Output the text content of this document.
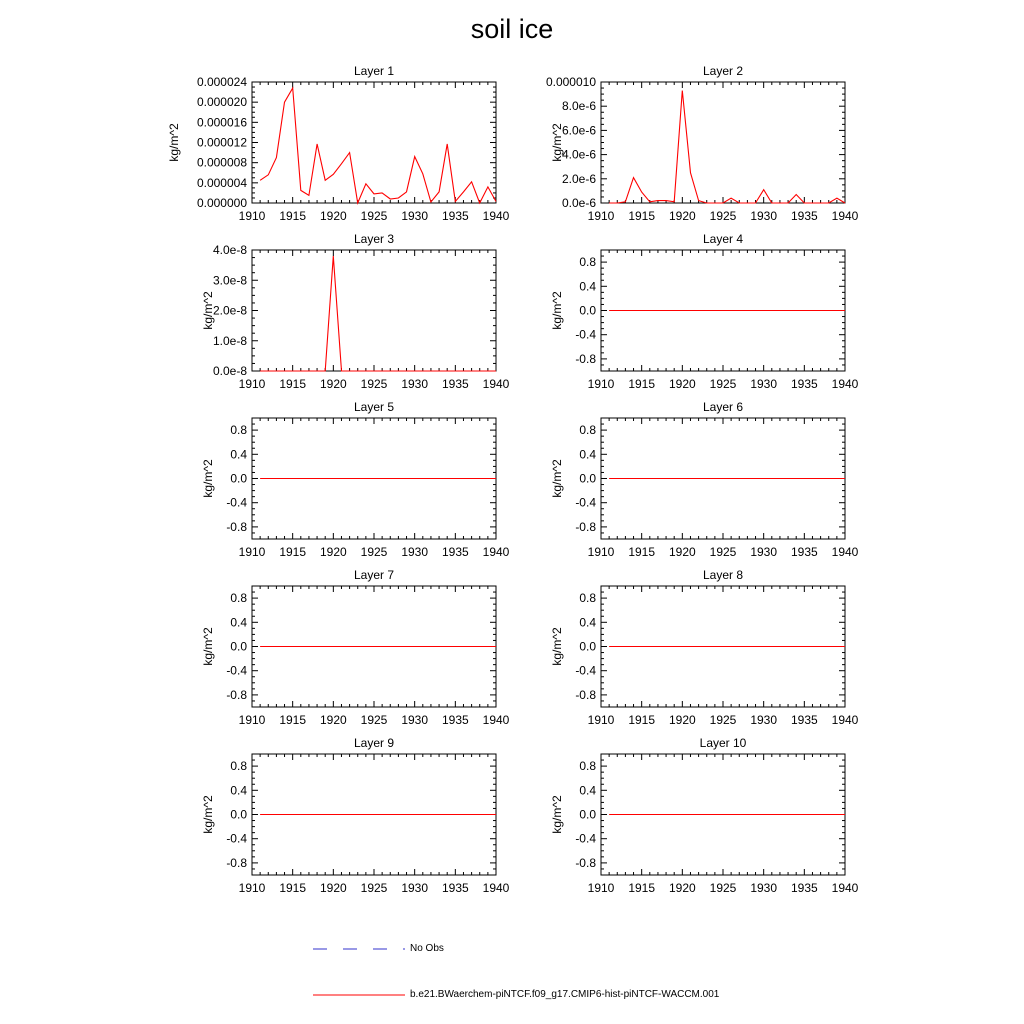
soil ice
1910 1915 1920 1925 1930 1935 1940
0.000000
0.000004
0.000008
0.000012
0.000016
0.000020
0.000024
Layer 1
kg/m^2
1910 1915 1920 1925 1930 1935 1940
0.0e-6
2.0e-6
4.0e-6
6.0e-6
8.0e-6
0.000010
Layer 2
kg/m^2
1910 1915 1920 1925 1930 1935 1940
0.0e-8
1.0e-8
2.0e-8
3.0e-8
4.0e-8
Layer 3
kg/m^2
1910 1915 1920 1925 1930 1935 1940
-0.8
-0.4
0.0
0.4
0.8
Layer 4
kg/m^2
1910 1915 1920 1925 1930 1935 1940
-0.8
-0.4
0.0
0.4
0.8
Layer 5
kg/m^2
1910 1915 1920 1925 1930 1935 1940
-0.8
-0.4
0.0
0.4
0.8
Layer 6
kg/m^2
1910 1915 1920 1925 1930 1935 1940
-0.8
-0.4
0.0
0.4
0.8
Layer 7
kg/m^2
1910 1915 1920 1925 1930 1935 1940
-0.8
-0.4
0.0
0.4
0.8
Layer 8
kg/m^2
1910 1915 1920 1925 1930 1935 1940
-0.8
-0.4
0.0
0.4
0.8
Layer 9
kg/m^2
1910 1915 1920 1925 1930 1935 1940
-0.8
-0.4
0.0
0.4
0.8
Layer 10
kg/m^2
No Obs
b.e21.BWaerchem-piNTCF.f09_g17.CMIP6-hist-piNTCF-WACCM.001
